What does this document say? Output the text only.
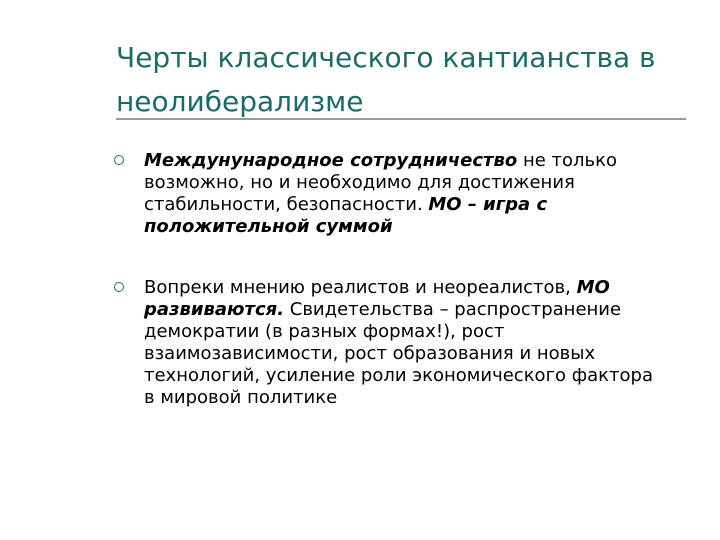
Черты классического кантианства в неолиберализме

Междунународное сотрудничество не только возможно, но и необходимо для достижения стабильности, безопасности. МО – игра с положительной суммой

Вопреки мнению реалистов и неореалистов, МО развиваются. Свидетельства – распространение демократии (в разных формах!), рост взаимозависимости, рост образования и новых технологий, усиление роли экономического фактора в мировой политике
